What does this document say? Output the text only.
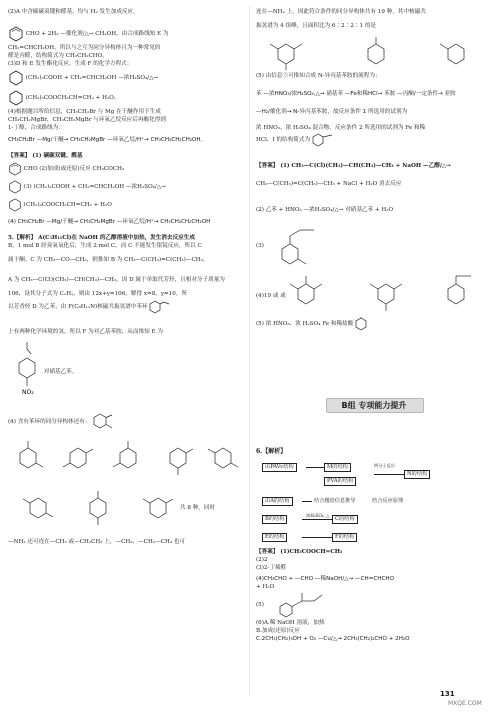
(2)A 中含碳碳双键和醛基，均与 H₂ 发生加成反应。
CHO + 2H₂ —催化剂/△→ CH₂OH，由合成路线知 E 为
CH₂=CHCH₂OH，所以与之互为同分异构体且为一种常见的
醛是丙醛，结构简式为 CH₃CH₂CHO。
(3)D 和 E 发生酯化反应，生成 F 的化学方程式：
(CH₂)₃COOH + CH₂=CHCH₂OH —浓H₂SO₄/△→
(CH₂)₃COOCH₂CH=CH₂ + H₂O。
(4)根据题目所给信息，CH₃CH₂Br 与 Mg 在干醚作用下生成
CH₃CH₂MgBr，CH₃CH₂MgBr 与环氧乙烷反应后再酸化得到
1-丁醇，合成路线为：
CH₃CH₂Br —Mg/干醚→ CH₃CH₂MgBr —环氧乙烷/H⁺→ CH₃CH₂CH₂CH₂OH。
【答案】 (1) 碳碳双键、醛基
CHO (2)加成(或还原)反应 CH₃COCH₃
(3) (CH₂)₃COOH + CH₂=CHCH₂OH —浓H₂SO₄/△→
(CH₂)₃COOCH₂CH=CH₂ + H₂O
(4) CH₃CH₂Br —Mg/干醚→ CH₃CH₂MgBr —环氧乙烷/H⁺→ CH₃CH₂CH₂CH₂OH
5.【解析】 A(C₅H₁₁Cl)在 NaOH 的乙醇溶液中加热，发生消去反应生成
B，1 mol B 经臭氧氧化后，生成 2 mol C，而 C 不能发生银镜反应，所以 C
属于酮。C 为 CH₃—CO—CH₃，则推知 B 为 CH₃—C(CH₃)=C(CH₃)—CH₃，
A 为 CH₃—C(Cl)(CH₃)—CH(CH₃)—CH₃，因 D 属于单取代芳烃，且相对分子质量为
106，设其分子式为 CₓHᵧ，则由 12x+y=106，解得 x=8，y=10。所
以芳香烃 D 为乙苯，由 F(C₈H₁₁N)核磁共振氢谱中苯环
上有两种化学环境的氢，所以 F 为对乙基苯胺，从而推知 E 为
NO₂
对硝基乙苯。
(4) 含有苯环的同分异构体还有：
共 8 种，同时
—NH₂ 还可连在—CH₃ 或—CH₂CH₃ 上，—CH₃、—CH₂—CH₃ 也可
连在—NH₂ 上，因此符合条件的同分异构体共有 19 种。其中核磁共
振氢谱为 4 组峰，且面积比为 6∶2∶2∶1 的是
(5) 由信息⑤可推知合成 N-异丙基苯胺的流程为：
苯 —浓HNO₃/浓H₂SO₄,△→ 硝基苯 —Fe和稀HCl→ 苯胺 —丙酮/一定条件→ 亚胺
—H₂/催化剂→ N-异丙基苯胺，故反应条件 1 所选用的试剂为
浓 HNO₃、浓 H₂SO₄ 混合物，反应条件 2 所选用的试剂为 Fe 和稀
HCl，I 的结构简式为
【答案】 (1) CH₃—C(Cl)(CH₃)—CH(CH₃)—CH₃ + NaOH —乙醇/△→
CH₃—C(CH₃)=C(CH₃)—CH₃ + NaCl + H₂O 消去反应
(2) 乙苯 + HNO₃ —浓H₂SO₄/△→ 对硝基乙苯 + H₂O
(3)
(4)19 或 或
(5) 浓 HNO₃、浓 H₂SO₄ Fe 和稀盐酸
B组 专项能力提升
6.【解析】
由PAVc结构	M的结构
PVA的结构
两分子反应
N的结构
由A的结构	结合题给信息推导	结合反应原理
B的结构
浓H₂SO₄, △
C的结构
E的结构	F的结构
【答案】 (1)CH₃COOCH=CH₂
(2)2
(3)2-丁烯醛
(4)CH₃CHO + —CHO —稀NaOH/△→ —CH=CHCHO
+ H₂O
(5)
(6)A.稀 NaOH 溶液，加热
B.加成(还原)反应
C.2CH₃(CH₂)₃OH + O₂ —Cu/△→ 2CH₃(CH₂)₂CHO + 2H₂O
131
MXQE.COM
